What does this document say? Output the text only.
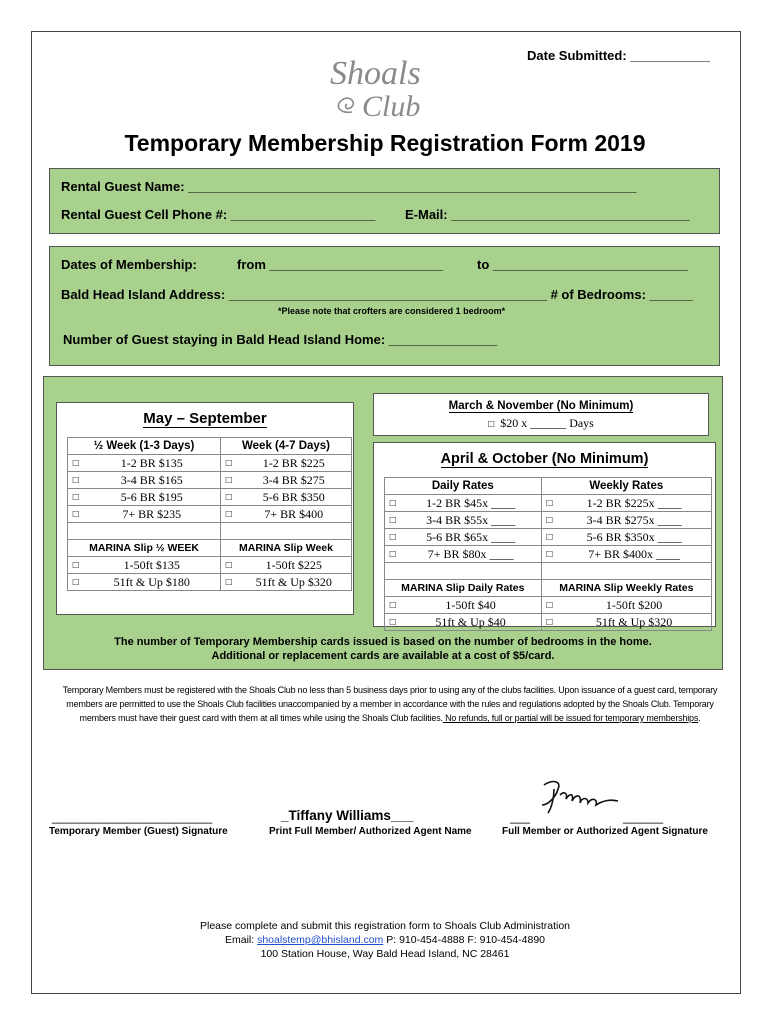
Date Submitted: ___________
Shoals
Club
Temporary Membership Registration Form 2019
Rental Guest Name: ______________________________________________________________
Rental Guest Cell Phone #: ____________________ E-Mail: _________________________________
Dates of Membership:	from ________________________	to ___________________________
Bald Head Island Address: ____________________________________________ # of Bedrooms: ______
*Please note that crofters are considered 1 bedroom*
Number of Guest staying in Bald Head Island Home: _______________
May – September
½ Week (1-3 Days)		Week (4-7 Days)	
□	1-2 BR $135	□	1-2 BR $225
□	3-4 BR $165	□	3-4 BR $275
□	5-6 BR $195	□	5-6 BR $350
□	7+ BR $235	□	7+ BR $400

MARINA Slip ½ WEEK		MARINA Slip Week	
□	1-50ft $135	□	1-50ft $225
□	51ft & Up $180	□	51ft & Up $320
March & November (No Minimum)
□ $20 x ______ Days
April & October (No Minimum)
Daily Rates		Weekly Rates	
□	1-2 BR $45x ____	□	1-2 BR $225x ____
□	3-4 BR $55x ____	□	3-4 BR $275x ____
□	5-6 BR $65x ____	□	5-6 BR $350x ____
□	7+ BR $80x ____	□	7+ BR $400x ____

MARINA Slip Daily Rates		MARINA Slip Weekly Rates	
□	1-50ft $40	□	1-50ft $200
□	51ft & Up $40	□	51ft & Up $320
The number of Temporary Membership cards issued is based on the number of bedrooms in the home.
Additional or replacement cards are available at a cost of $5/card.
Temporary Members must be registered with the Shoals Club no less than 5 business days prior to using any of the clubs facilities. Upon issuance of a guest card, temporary members are permitted to use the Shoals Club facilities unaccompanied by a member in accordance with the rules and regulations adopted by the Shoals Club. Temporary members must have their guest card with them at all times while using the Shoals Club facilities. No refunds, full or partial will be issued for temporary memberships.
________________________
Temporary Member (Guest) Signature
_Tiffany Williams___
Print Full Member/ Authorized Agent Name
___	______
Full Member or Authorized Agent Signature
Please complete and submit this registration form to Shoals Club Administration
Email: shoalstemp@bhisland.com P: 910-454-4888 F: 910-454-4890
100 Station House, Way Bald Head Island, NC 28461
